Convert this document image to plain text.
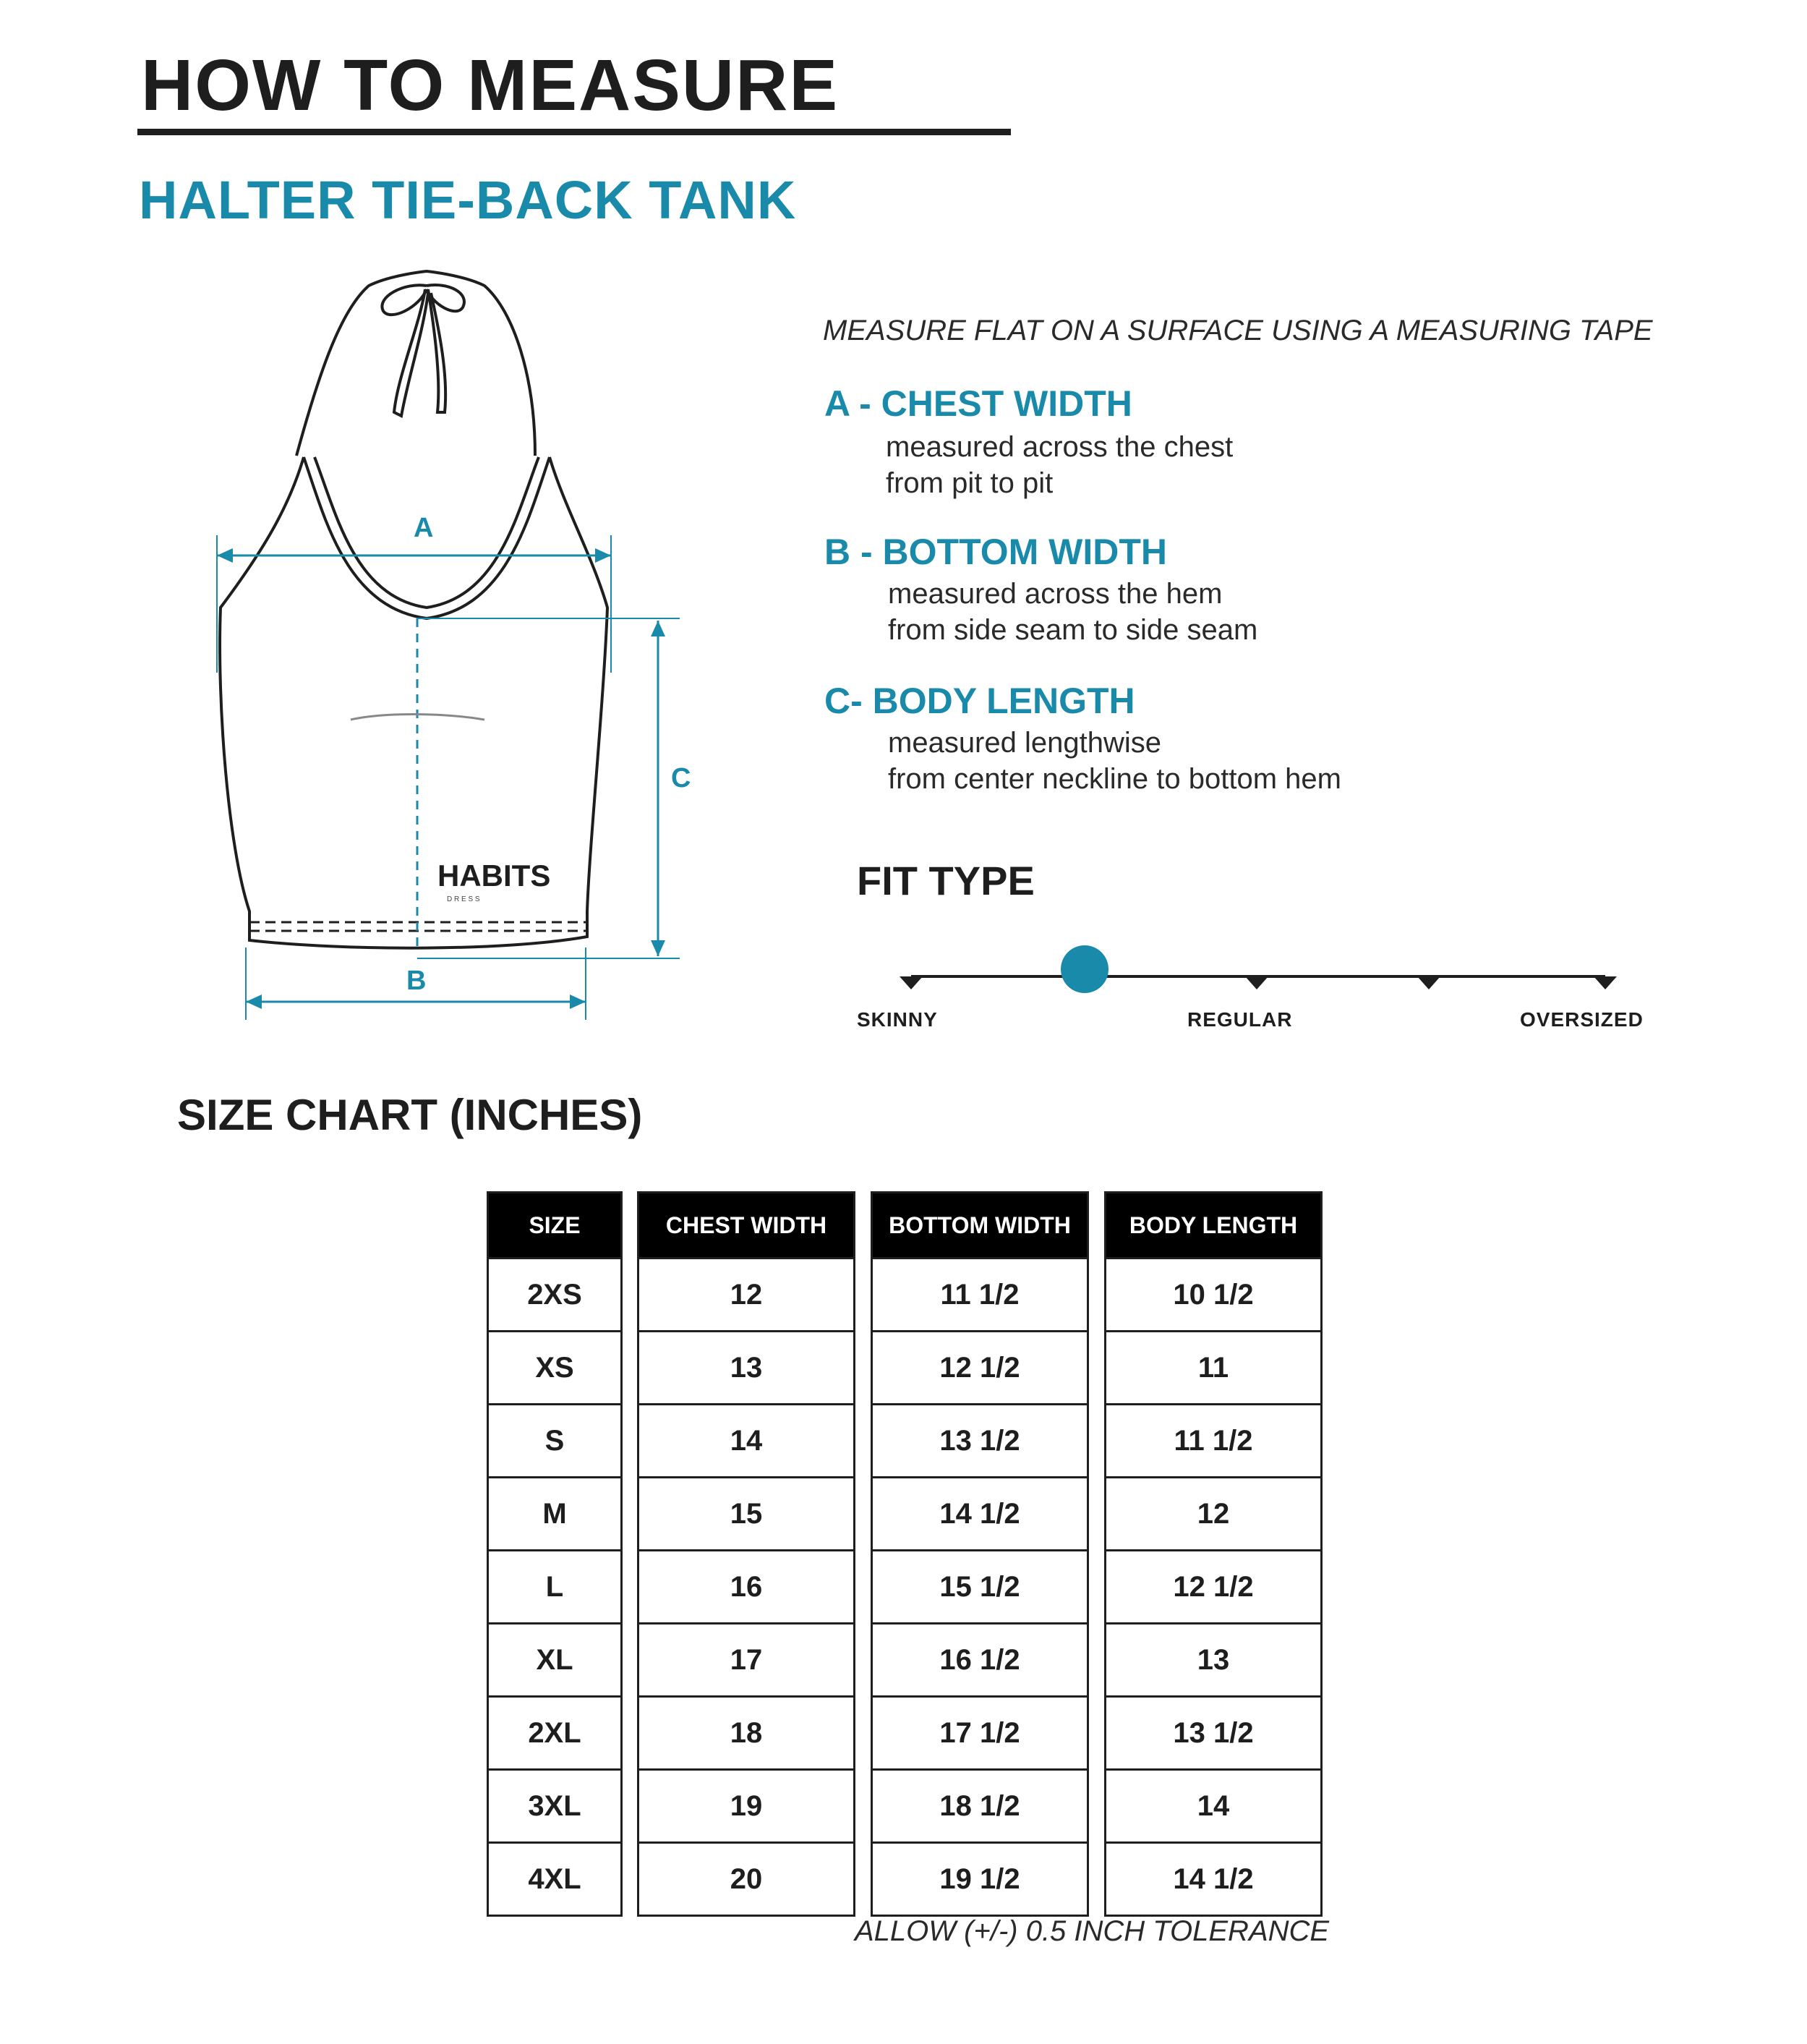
HOW TO MEASURE
HALTER TIE-BACK TANK
A
C
B
HABITS
D R E S S
MEASURE FLAT ON A SURFACE USING A MEASURING TAPE
A - CHEST WIDTH
measured across the chest
from pit to pit
B - BOTTOM WIDTH
measured across the hem
from side seam to side seam
C- BODY LENGTH
measured lengthwise
from center neckline to bottom hem
FIT TYPE
SKINNY	REGULAR	OVERSIZED
SIZE CHART (INCHES)
SIZE
2XS
XS
S
M
L
XL
2XL
3XL
4XL
CHEST WIDTH
12
13
14
15
16
17
18
19
20
BOTTOM WIDTH
11 1/2
12 1/2
13 1/2
14 1/2
15 1/2
16 1/2
17 1/2
18 1/2
19 1/2
BODY LENGTH
10 1/2
11
11 1/2
12
12 1/2
13
13 1/2
14
14 1/2
ALLOW (+/-) 0.5 INCH TOLERANCE
